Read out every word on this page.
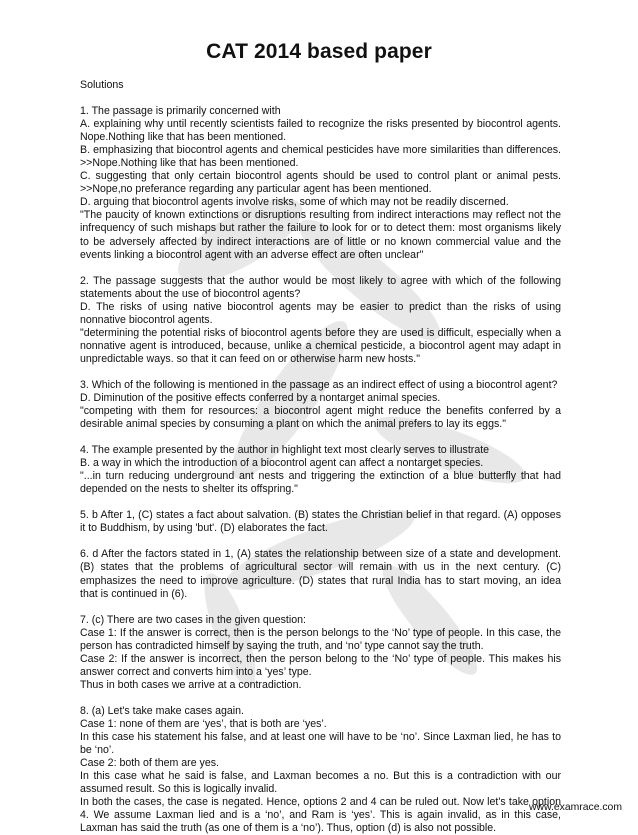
CAT 2014 based paper

Solutions

1. The passage is primarily concerned with

A. explaining why until recently scientists failed to recognize the risks presented by biocontrol agents. Nope.Nothing like that has been mentioned.

B. emphasizing that biocontrol agents and chemical pesticides have more similarities than differences. >>Nope.Nothing like that has been mentioned.

C. suggesting that only certain biocontrol agents should be used to control plant or animal pests. >>Nope,no preferance regarding any particular agent has been mentioned.

D. arguing that biocontrol agents involve risks, some of which may not be readily discerned.

"The paucity of known extinctions or disruptions resulting from indirect interactions may reflect not the infrequency of such mishaps but rather the failure to look for or to detect them: most organisms likely to be adversely affected by indirect interactions are of little or no known commercial value and the events linking a biocontrol agent with an adverse effect are often unclear"

2. The passage suggests that the author would be most likely to agree with which of the following statements about the use of biocontrol agents?

D. The risks of using native biocontrol agents may be easier to predict than the risks of using nonnative biocontrol agents.

"determining the potential risks of biocontrol agents before they are used is difficult, especially when a nonnative agent is introduced, because, unlike a chemical pesticide, a biocontrol agent may adapt in unpredictable ways. so that it can feed on or otherwise harm new hosts."

3. Which of the following is mentioned in the passage as an indirect effect of using a biocontrol agent?

D. Diminution of the positive effects conferred by a nontarget animal species.

"competing with them for resources: a biocontrol agent might reduce the benefits conferred by a desirable animal species by consuming a plant on which the animal prefers to lay its eggs."

4. The example presented by the author in highlight text most clearly serves to illustrate

B. a way in which the introduction of a biocontrol agent can affect a nontarget species.

"...in turn reducing underground ant nests and triggering the extinction of a blue butterfly that had depended on the nests to shelter its offspring."

5. b After 1, (C) states a fact about salvation. (B) states the Christian belief in that regard. (A) opposes it to Buddhism, by using 'but'. (D) elaborates the fact.

6. d After the factors stated in 1, (A) states the relationship between size of a state and development. (B) states that the problems of agricultural sector will remain with us in the next century. (C) emphasizes the need to improve agriculture. (D) states that rural India has to start moving, an idea that is continued in (6).

7. (c) There are two cases in the given question:

Case 1: If the answer is correct, then is the person belongs to the ‘No’ type of people. In this case, the person has contradicted himself by saying the truth, and ‘no’ type cannot say the truth.

Case 2: If the answer is incorrect, then the person belong to the ‘No’ type of people. This makes his answer correct and converts him into a ‘yes’ type.

Thus in both cases we arrive at a contradiction.

8. (a) Let's take make cases again.

Case 1: none of them are ‘yes’, that is both are ‘yes’.

In this case his statement his false, and at least one will have to be ‘no’. Since Laxman lied, he has to be ‘no’.

Case 2: both of them are yes.

In this case what he said is false, and Laxman becomes a no. But this is a contradiction with our assumed result. So this is logically invalid.

In both the cases, the case is negated. Hence, options 2 and 4 can be ruled out. Now let's take option 4. We assume Laxman lied and is a ‘no’, and Ram is ‘yes’. This is again invalid, as in this case, Laxman has said the truth (as one of them is a ‘no’). Thus, option (d) is also not possible.

www.examrace.com
